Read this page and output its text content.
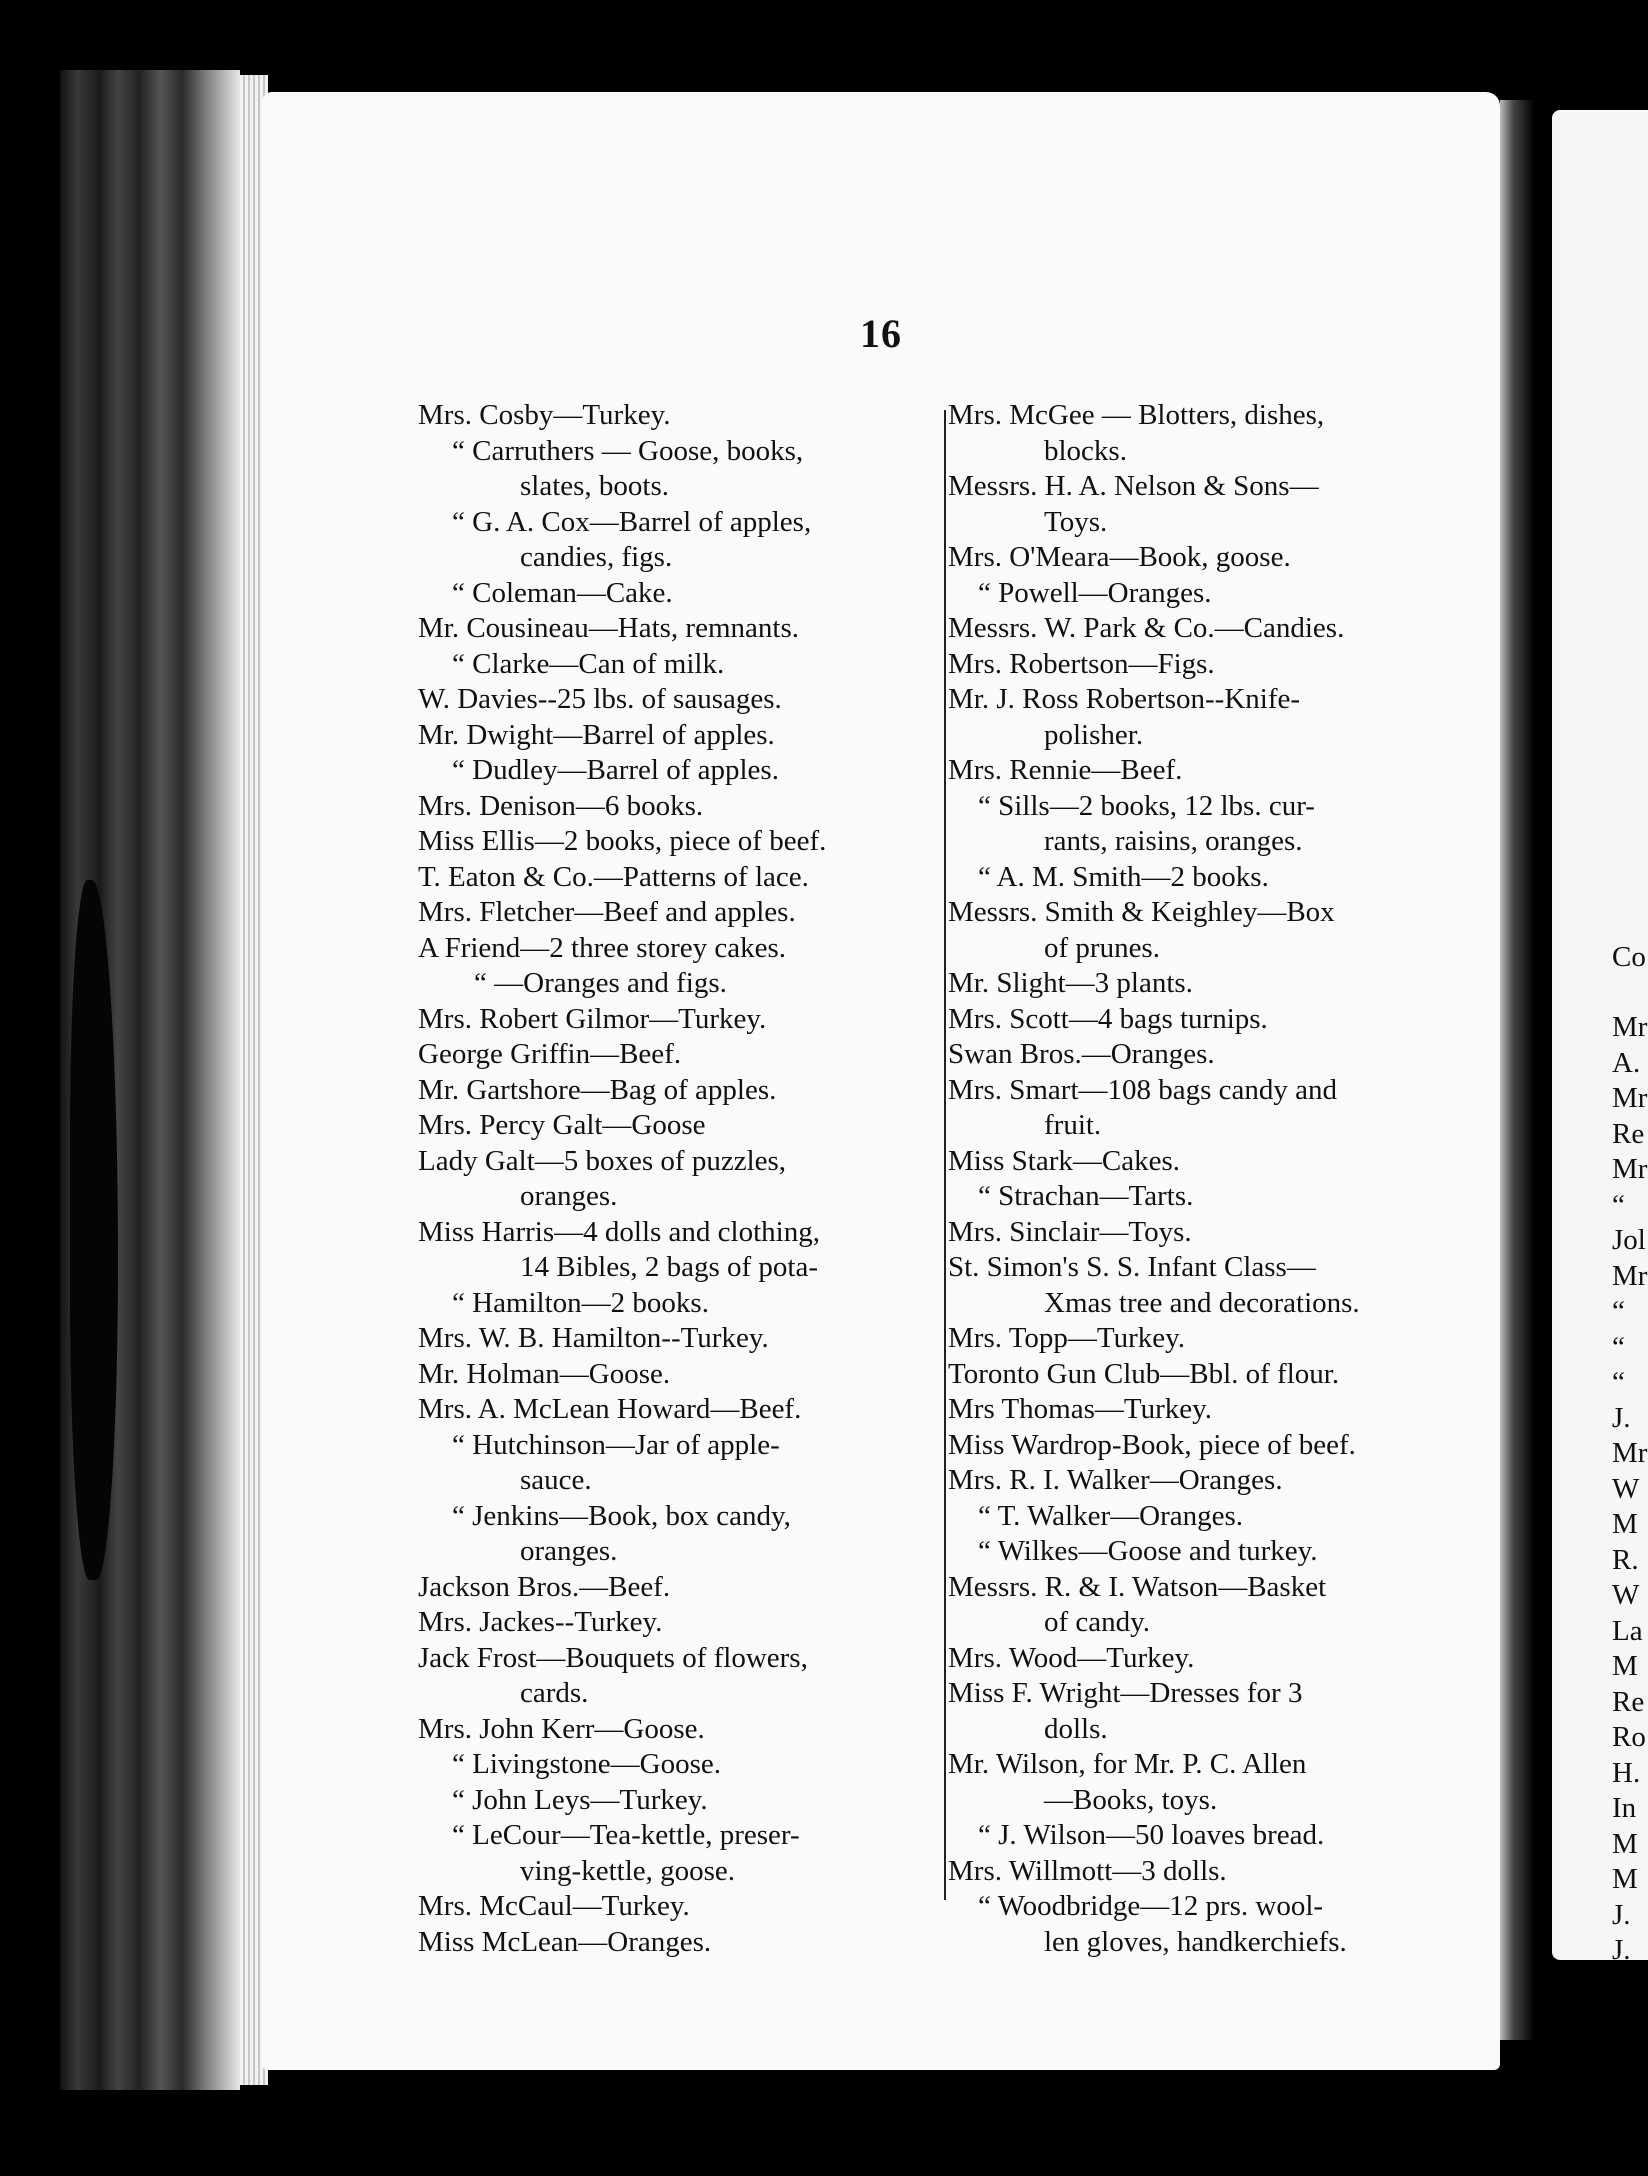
16
Mrs. Cosby—Turkey.
“ Carruthers — Goose, books,
slates, boots.
“ G. A. Cox—Barrel of apples,
candies, figs.
“ Coleman—Cake.
Mr. Cousineau—Hats, remnants.
“ Clarke—Can of milk.
W. Davies--25 lbs. of sausages.
Mr. Dwight—Barrel of apples.
“ Dudley—Barrel of apples.
Mrs. Denison—6 books.
Miss Ellis—2 books, piece of beef.
T. Eaton & Co.—Patterns of lace.
Mrs. Fletcher—Beef and apples.
A Friend—2 three storey cakes.
“ —Oranges and figs.
Mrs. Robert Gilmor—Turkey.
George Griffin—Beef.
Mr. Gartshore—Bag of apples.
Mrs. Percy Galt—Goose
Lady Galt—5 boxes of puzzles,
oranges.
Miss Harris—4 dolls and clothing,
14 Bibles, 2 bags of pota-
“ Hamilton—2 books.
Mrs. W. B. Hamilton--Turkey.
Mr. Holman—Goose.
Mrs. A. McLean Howard—Beef.
“ Hutchinson—Jar of apple-
sauce.
“ Jenkins—Book, box candy,
oranges.
Jackson Bros.—Beef.
Mrs. Jackes--Turkey.
Jack Frost—Bouquets of flowers,
cards.
Mrs. John Kerr—Goose.
“ Livingstone—Goose.
“ John Leys—Turkey.
“ LeCour—Tea-kettle, preser-
ving-kettle, goose.
Mrs. McCaul—Turkey.
Miss McLean—Oranges.
Mrs. McGee — Blotters, dishes,
blocks.
Messrs. H. A. Nelson & Sons—
Toys.
Mrs. O'Meara—Book, goose.
“ Powell—Oranges.
Messrs. W. Park & Co.—Candies.
Mrs. Robertson—Figs.
Mr. J. Ross Robertson--Knife-
polisher.
Mrs. Rennie—Beef.
“ Sills—2 books, 12 lbs. cur-
rants, raisins, oranges.
“ A. M. Smith—2 books.
Messrs. Smith & Keighley—Box
of prunes.
Mr. Slight—3 plants.
Mrs. Scott—4 bags turnips.
Swan Bros.—Oranges.
Mrs. Smart—108 bags candy and
fruit.
Miss Stark—Cakes.
“ Strachan—Tarts.
Mrs. Sinclair—Toys.
St. Simon's S. S. Infant Class—
Xmas tree and decorations.
Mrs. Topp—Turkey.
Toronto Gun Club—Bbl. of flour.
Mrs Thomas—Turkey.
Miss Wardrop-Book, piece of beef.
Mrs. R. I. Walker—Oranges.
“ T. Walker—Oranges.
“ Wilkes—Goose and turkey.
Messrs. R. & I. Watson—Basket
of candy.
Mrs. Wood—Turkey.
Miss F. Wright—Dresses for 3
dolls.
Mr. Wilson, for Mr. P. C. Allen
—Books, toys.
“ J. Wilson—50 loaves bread.
Mrs. Willmott—3 dolls.
“ Woodbridge—12 prs. wool-
len gloves, handkerchiefs.
Co
Mr
A.
Mr
Re
Mr
“
Jol
Mr
“
“
“
J.
Mr
W
M
R.
W
La
M
Re
Ro
H.
In
M
M
J.
J.
